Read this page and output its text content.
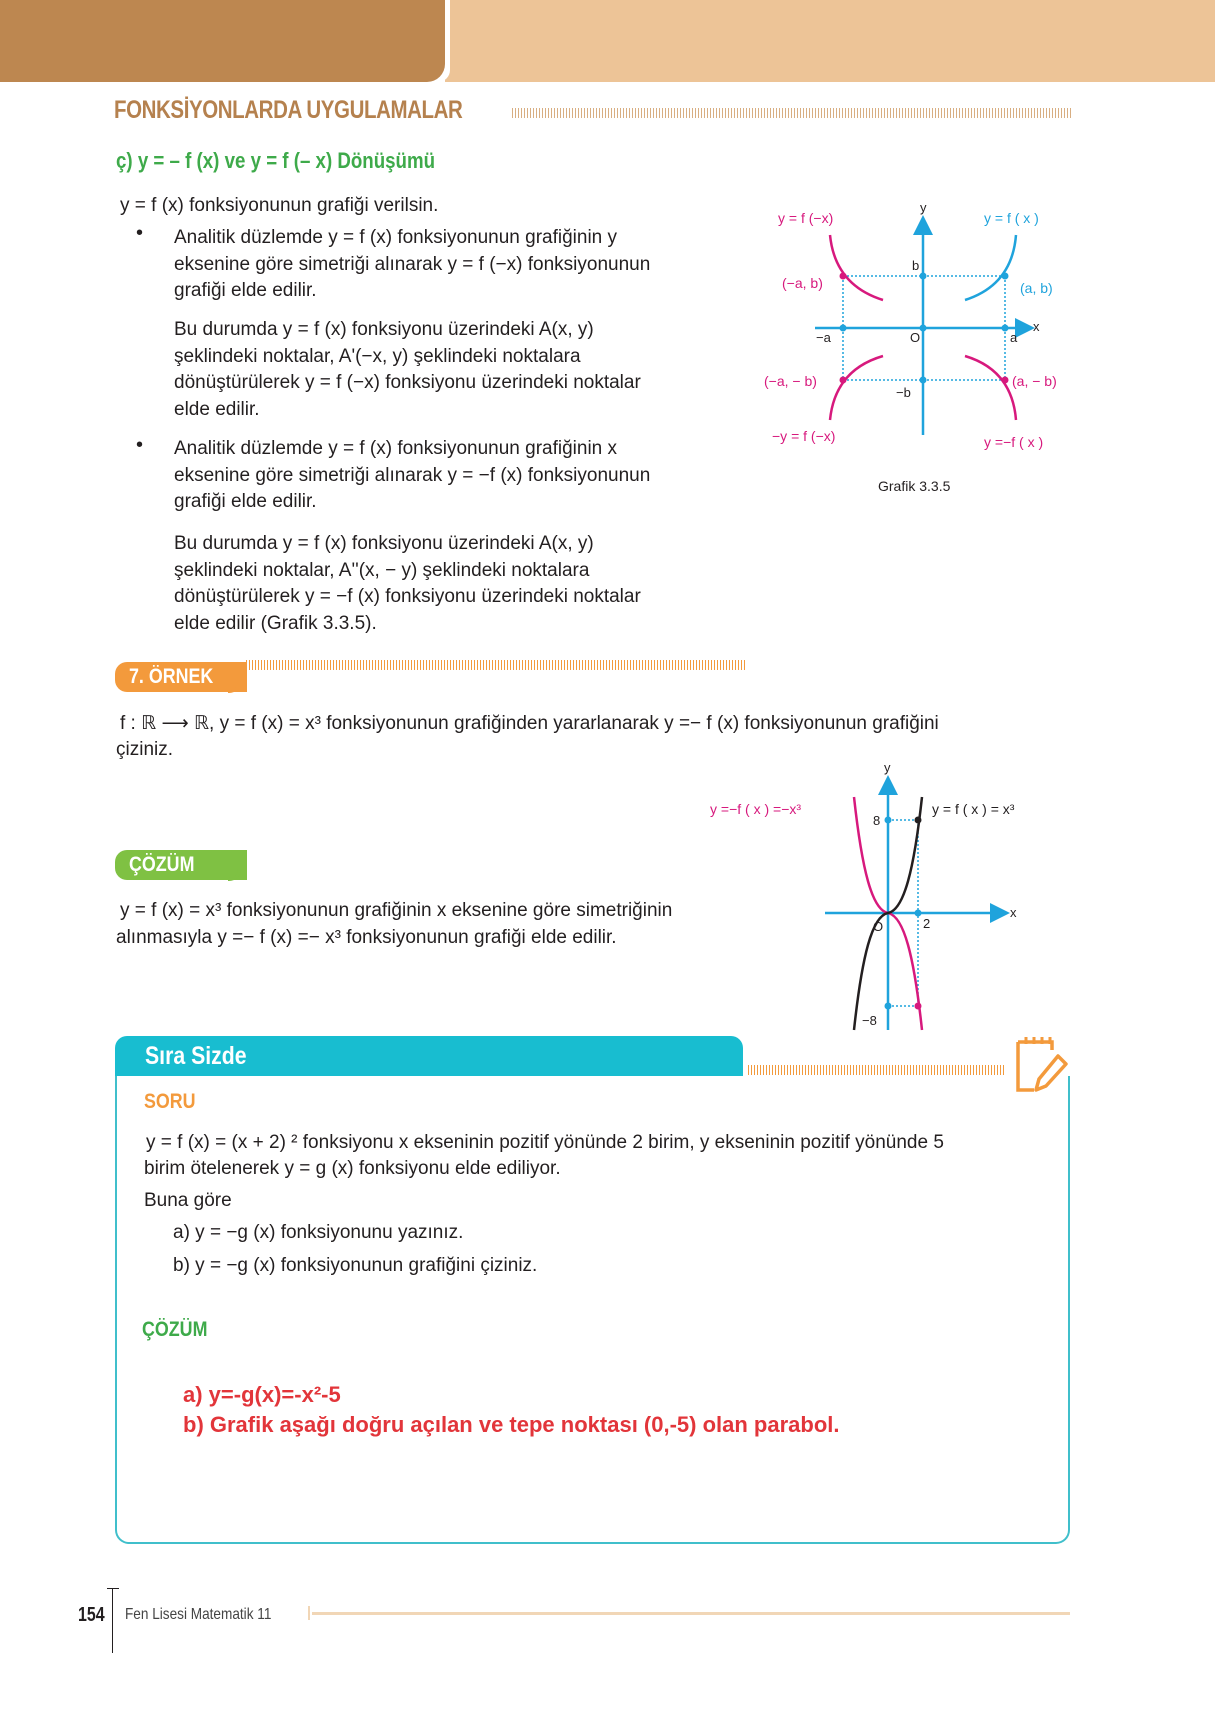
FONKSİYONLARDA UYGULAMALAR
ç) y = – f (x) ve y = f (– x) Dönüşümü
y = f (x) fonksiyonunun grafiği verilsin.
• Analitik düzlemde y = f (x) fonksiyonunun grafiğinin y
eksenine göre simetriği alınarak y = f (−x) fonksiyonunun
grafiği elde edilir.
Bu durumda y = f (x) fonksiyonu üzerindeki A(x, y)
şeklindeki noktalar, A'(−x, y) şeklindeki noktalara
dönüştürülerek y = f (−x) fonksiyonu üzerindeki noktalar
elde edilir.
• Analitik düzlemde y = f (x) fonksiyonunun grafiğinin x
eksenine göre simetriği alınarak y = −f (x) fonksiyonunun
grafiği elde edilir.
Bu durumda y = f (x) fonksiyonu üzerindeki A(x, y)
şeklindeki noktalar, A''(x, − y) şeklindeki noktalara
dönüştürülerek y = −f (x) fonksiyonu üzerindeki noktalar
elde edilir (Grafik 3.3.5).
x
y
O
−a	a
b
−b
y = f (−x)	y = f ( x )
−y = f (−x)	y =−f ( x )
(−a, b)	(a, b)
(−a, − b)	(a, − b)
Grafik 3.3.5
7. ÖRNEK
f : ℝ ⟶ ℝ, y = f (x) = x³ fonksiyonunun grafiğinden yararlanarak y =− f (x) fonksiyonunun grafiğini
çiziniz.
ÇÖZÜM
y = f (x) = x³ fonksiyonunun grafiğinin x eksenine göre simetriğinin
alınmasıyla y =− f (x) =− x³ fonksiyonunun grafiği elde edilir.
x
y
O
8
−8
2
y =−f ( x ) =−x³	y = f ( x ) = x³
Sıra Sizde
SORU
y = f (x) = (x + 2) ² fonksiyonu x ekseninin pozitif yönünde 2 birim, y ekseninin pozitif yönünde 5
birim ötelenerek y = g (x) fonksiyonu elde ediliyor.
Buna göre
a) y = −g (x) fonksiyonunu yazınız.
b) y = −g (x) fonksiyonunun grafiğini çiziniz.
ÇÖZÜM
a) y=-g(x)=-x²-5
b) Grafik aşağı doğru açılan ve tepe noktası (0,-5) olan parabol.
154 Fen Lisesi Matematik 11
